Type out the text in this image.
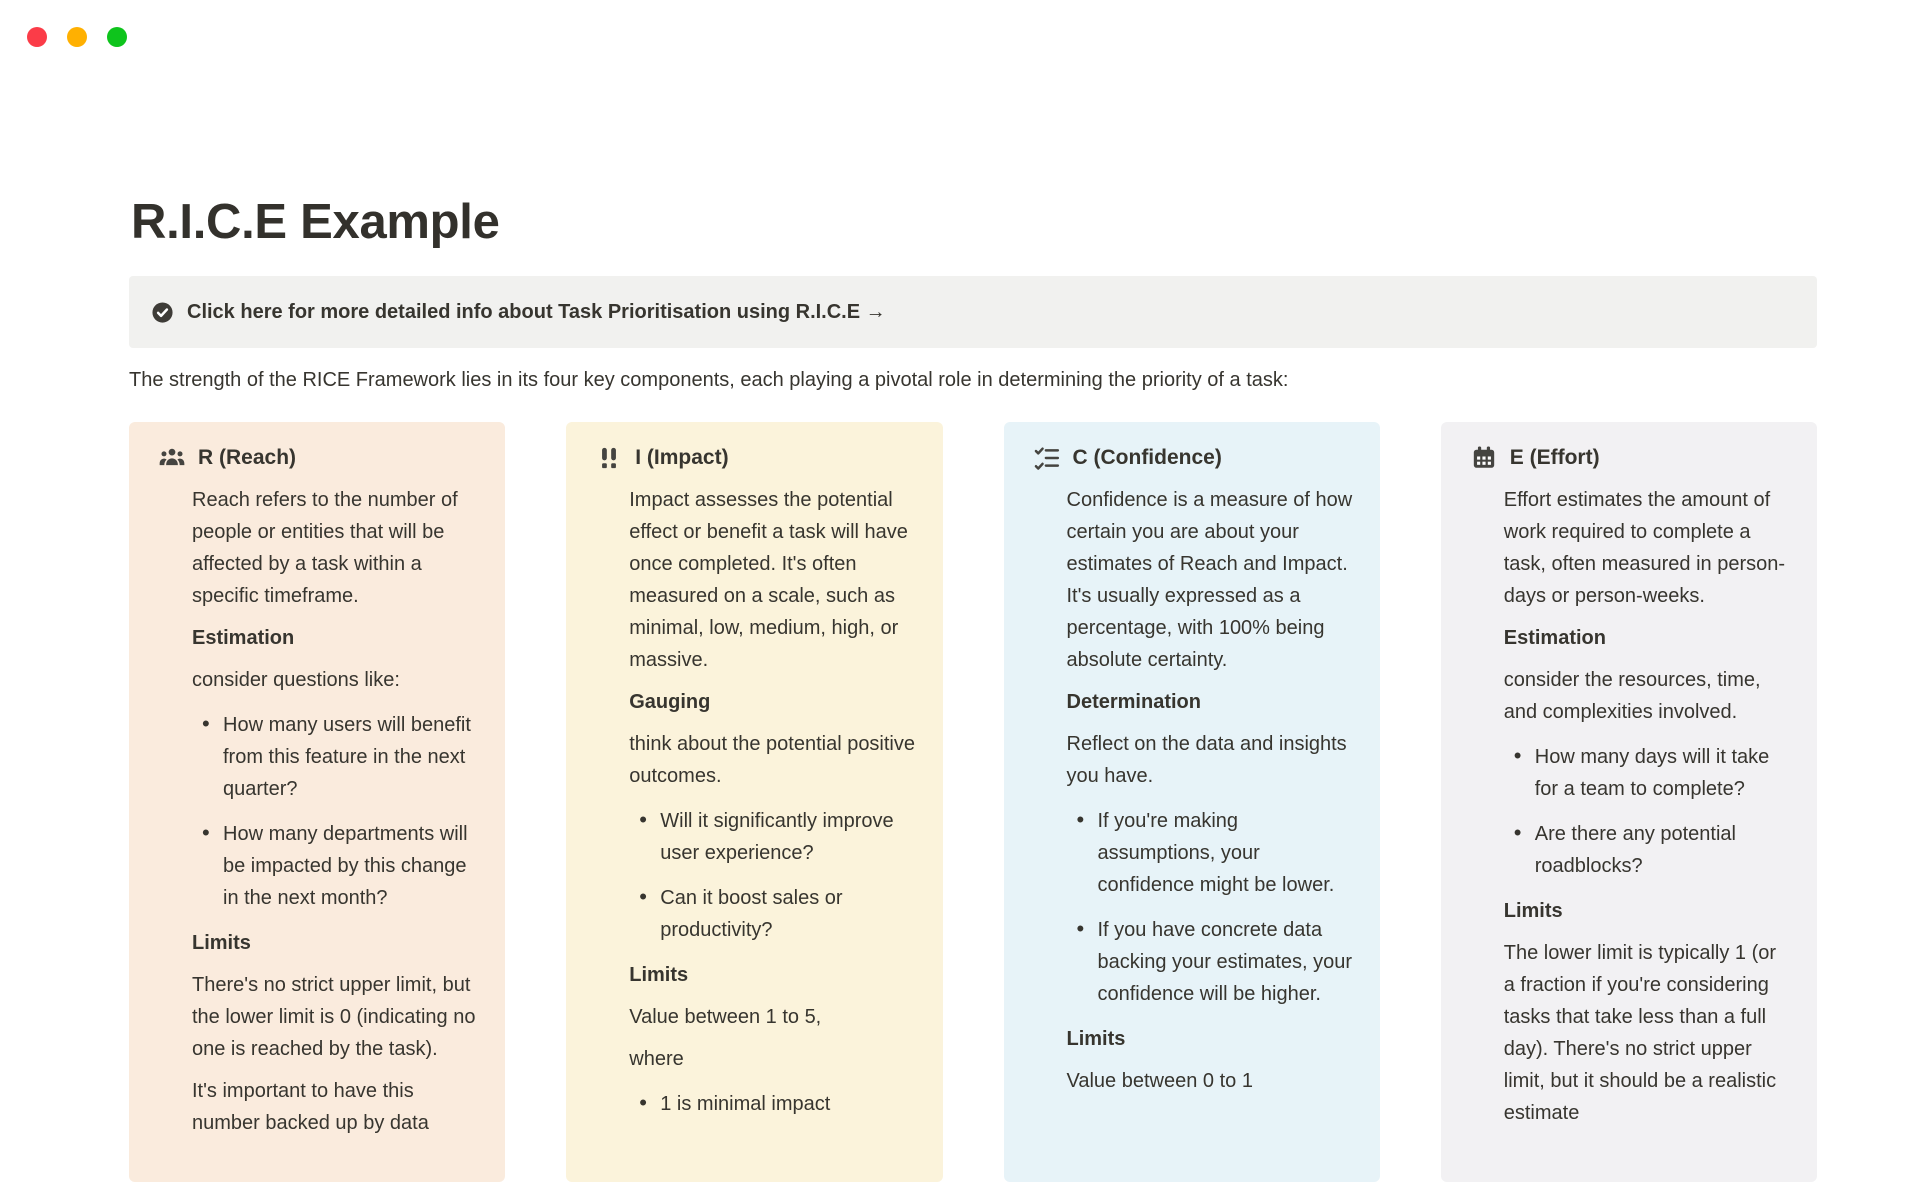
R.I.C.E Example
Click here for more detailed info about Task Prioritisation using R.I.C.E →

The strength of the RICE Framework lies in its four key components, each playing a pivotal role in determining the priority of a task:

R (Reach)

Reach refers to the number of people or entities that will be affected by a task within a specific timeframe.

Estimation

consider questions like:

• How many users will benefit from this feature in the next quarter?
• How many departments will be impacted by this change in the next month?

Limits

There's no strict upper limit, but the lower limit is 0 (indicating no one is reached by the task).

It's important to have this number backed up by data

I (Impact)

Impact assesses the potential effect or benefit a task will have once completed. It's often measured on a scale, such as minimal, low, medium, high, or massive.

Gauging

think about the potential positive outcomes.

• Will it significantly improve user experience?
• Can it boost sales or productivity?

Limits

Value between 1 to 5,

where

• 1 is minimal impact
C (Confidence)

Confidence is a measure of how certain you are about your estimates of Reach and Impact. It's usually expressed as a percentage, with 100% being absolute certainty.

Determination

Reflect on the data and insights you have.

• If you're making assumptions, your confidence might be lower.
• If you have concrete data backing your estimates, your confidence will be higher.

Limits

Value between 0 to 1

E (Effort)

Effort estimates the amount of work required to complete a task, often measured in person-days or person-weeks.

Estimation

consider the resources, time, and complexities involved.

• How many days will it take for a team to complete?
• Are there any potential roadblocks?

Limits

The lower limit is typically 1 (or a fraction if you're considering tasks that take less than a full day). There's no strict upper limit, but it should be a realistic estimate
